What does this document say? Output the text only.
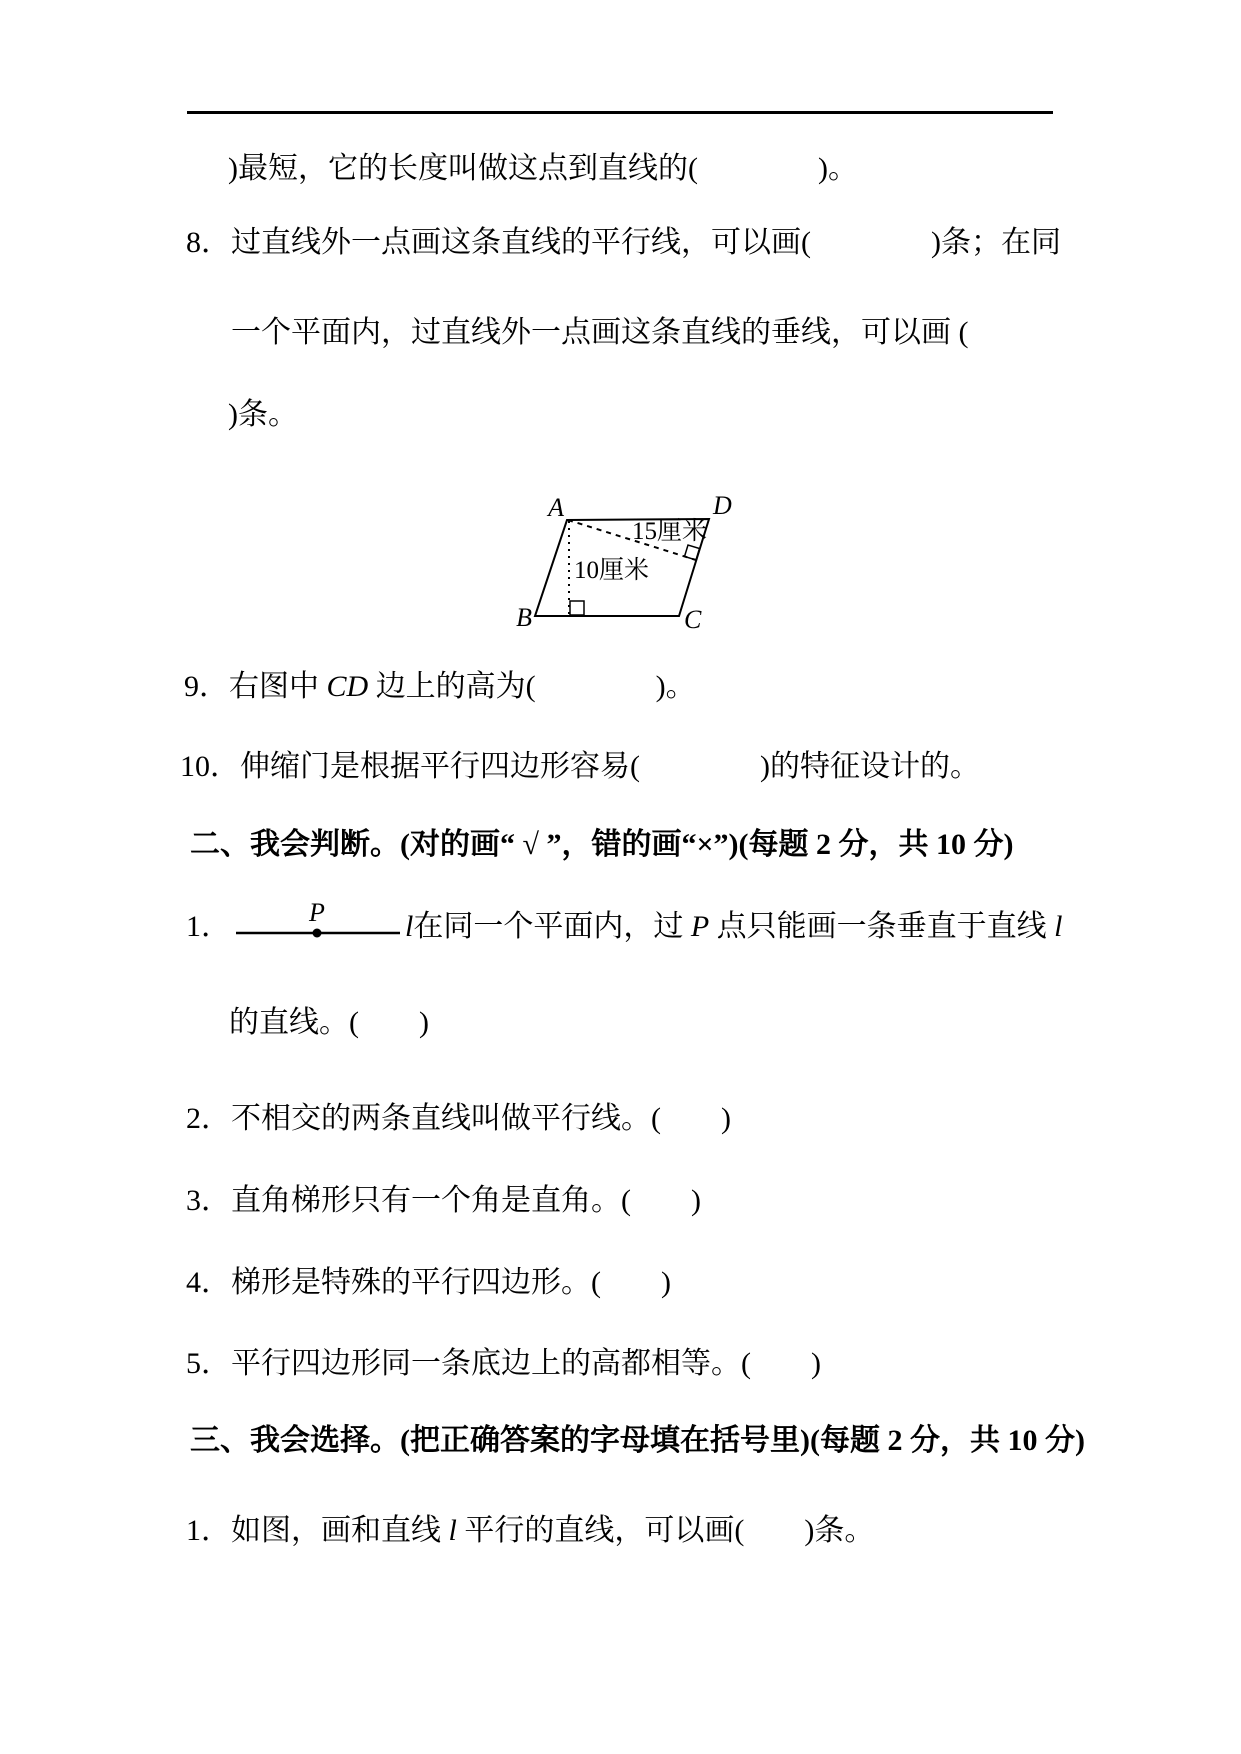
)最短，它的长度叫做这点到直线的(　　　　)。
8．过直线外一点画这条直线的平行线，可以画(　　　　)条；在同
一个平面内，过直线外一点画这条直线的垂线，可以画 (
)条。
A	D
B	C
15厘米
10厘米
9．右图中 CD 边上的高为(　　　　)。
10．伸缩门是根据平行四边形容易(　　　　)的特征设计的。
二、我会判断。(对的画“ √ ”，错的画“×”)(每题 2 分，共 10 分)
1．	P	l在同一个平面内，过 P 点只能画一条垂直于直线 l
的直线。(　　)
2．不相交的两条直线叫做平行线。(　　)
3．直角梯形只有一个角是直角。(　　)
4．梯形是特殊的平行四边形。(　　)
5．平行四边形同一条底边上的高都相等。(　　)
三、我会选择。(把正确答案的字母填在括号里)(每题 2 分，共 10 分)
1．如图，画和直线 l 平行的直线，可以画(　　)条。
